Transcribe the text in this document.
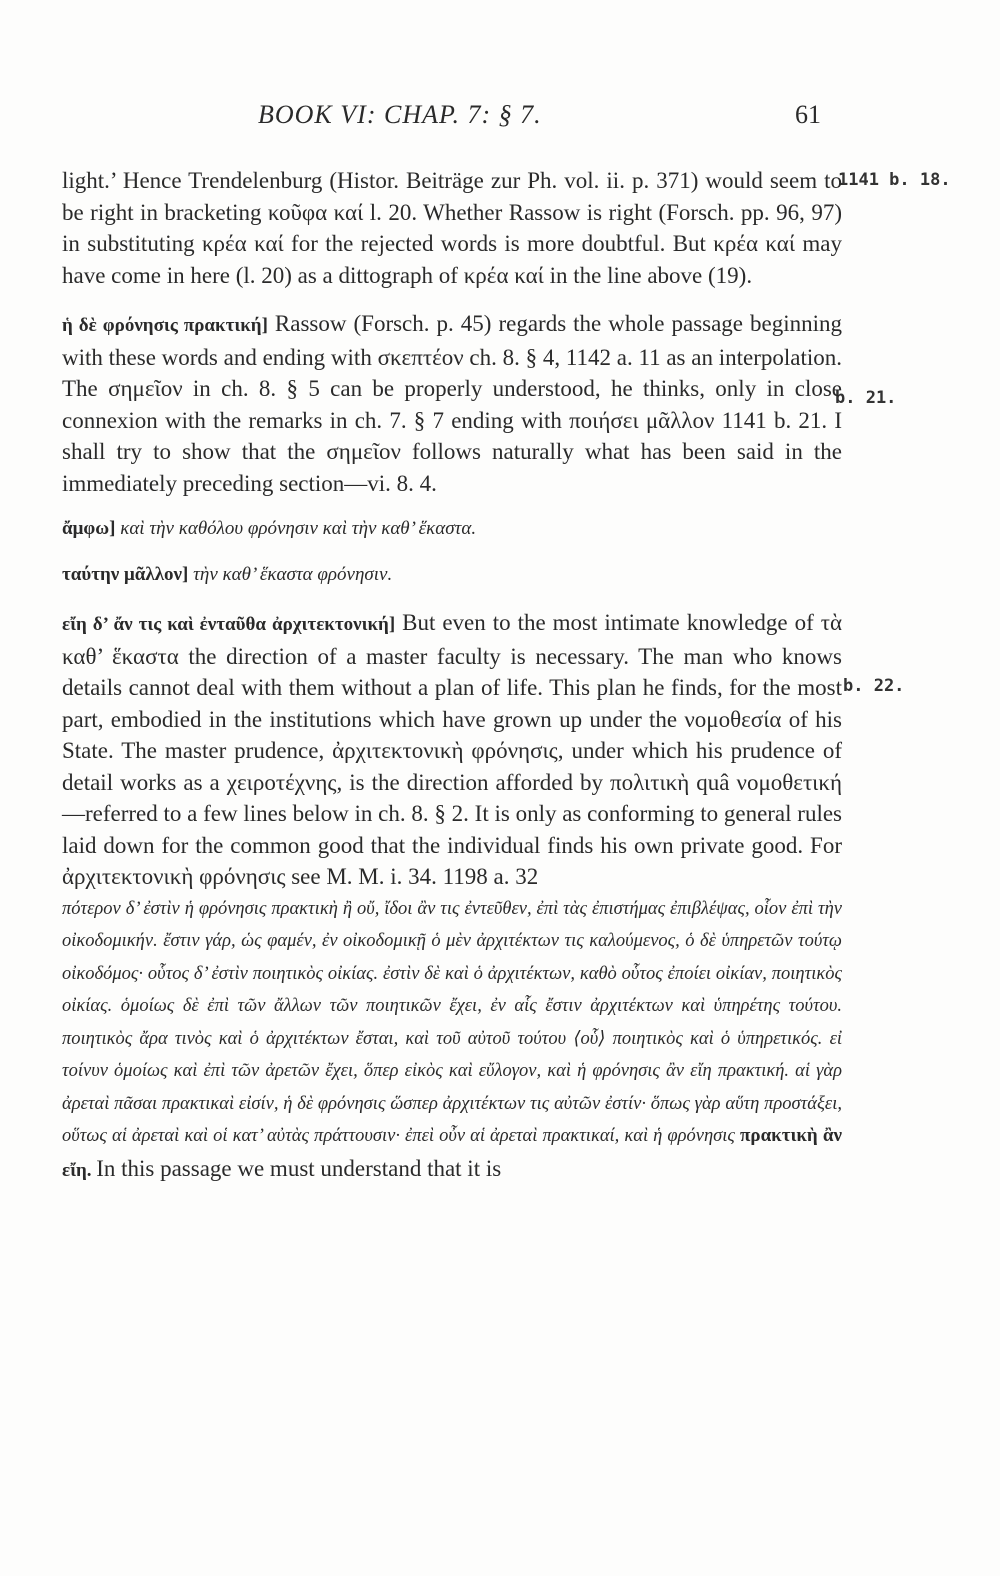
BOOK VI: CHAP. 7: § 7.	61
1141 b. 18.
b. 21.
b. 22.

light.’ Hence Trendelenburg (Histor. Beiträge zur Ph. vol. ii. p. 371) would seem to be right in bracketing κοῦφα καί l. 20. Whether Rassow is right (Forsch. pp. 96, 97) in substituting κρέα καί for the rejected words is more doubtful. But κρέα καί may have come in here (l. 20) as a dittograph of κρέα καί in the line above (19).

ἡ δὲ φρόνησις πρακτική] Rassow (Forsch. p. 45) regards the whole passage beginning with these words and ending with σκεπτέον ch. 8. § 4, 1142 a. 11 as an interpolation. The σημεῖον in ch. 8. § 5 can be properly understood, he thinks, only in close connexion with the remarks in ch. 7. § 7 ending with ποιήσει μᾶλλον 1141 b. 21. I shall try to show that the σημεῖον follows naturally what has been said in the immediately preceding section—vi. 8. 4.

ἄμφω] καὶ τὴν καθόλου φρόνησιν καὶ τὴν καθ’ ἕκαστα.

ταύτην μᾶλλον] τὴν καθ’ ἕκαστα φρόνησιν.

εἴη δ’ ἄν τις καὶ ἐνταῦθα ἀρχιτεκτονική] But even to the most intimate knowledge of τὰ καθ’ ἕκαστα the direction of a master faculty is necessary. The man who knows details cannot deal with them without a plan of life. This plan he finds, for the most part, embodied in the institutions which have grown up under the νομοθεσία of his State. The master prudence, ἀρχιτεκτονικὴ φρόνησις, under which his prudence of detail works as a χειροτέχνης, is the direction afforded by πολιτικὴ quâ νομοθετική—referred to a few lines below in ch. 8. § 2. It is only as conforming to general rules laid down for the common good that the individual finds his own private good. For ἀρχιτεκτονικὴ φρόνησις see M. M. i. 34. 1198 a. 32

πότερον δ’ ἐστὶν ἡ φρόνησις πρακτικὴ ἢ οὔ, ἴδοι ἂν τις ἐντεῦθεν, ἐπὶ τὰς ἐπιστήμας ἐπιβλέψας, οἷον ἐπὶ τὴν οἰκοδομικήν. ἔστιν γάρ, ὡς φαμέν, ἐν οἰκοδομικῇ ὁ μὲν ἀρχιτέκτων τις καλούμενος, ὁ δὲ ὑπηρετῶν τούτῳ οἰκοδόμος· οὗτος δ’ ἐστὶν ποιητικὸς οἰκίας. ἐστὶν δὲ καὶ ὁ ἀρχιτέκτων, καθὸ οὗτος ἐποίει οἰκίαν, ποιητικὸς οἰκίας. ὁμοίως δὲ ἐπὶ τῶν ἄλλων τῶν ποιητικῶν ἔχει, ἐν αἷς ἔστιν ἀρχιτέκτων καὶ ὑπηρέτης τούτου. ποιητικὸς ἄρα τινὸς καὶ ὁ ἀρχιτέκτων ἔσται, καὶ τοῦ αὐτοῦ τούτου ⟨οὗ⟩ ποιητικὸς καὶ ὁ ὑπηρετικός. εἰ τοίνυν ὁμοίως καὶ ἐπὶ τῶν ἀρετῶν ἔχει, ὅπερ εἰκὸς καὶ εὔλογον, καὶ ἡ φρόνησις ἂν εἴη πρακτική. αἱ γὰρ ἀρεταὶ πᾶσαι πρακτικαὶ εἰσίν, ἡ δὲ φρόνησις ὥσπερ ἀρχιτέκτων τις αὐτῶν ἐστίν· ὅπως γὰρ αὕτη προστάξει, οὕτως αἱ ἀρεταὶ καὶ οἱ κατ’ αὐτὰς πράττουσιν· ἐπεὶ οὖν αἱ ἀρεταὶ πρακτικαί, καὶ ἡ φρόνησις πρακτικὴ ἂν εἴη. In this passage we must understand that it is
